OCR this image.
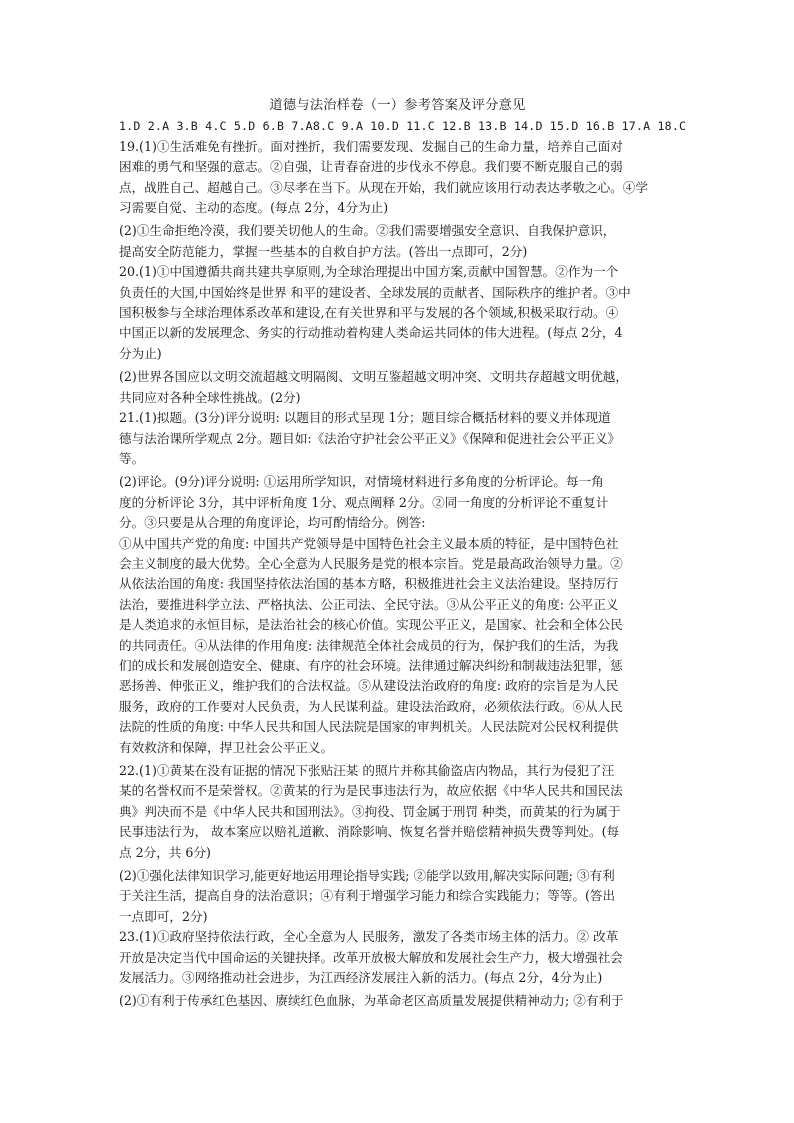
道德与法治样卷（一）参考答案及评分意见
1.D 2.A 3.B 4.C 5.D 6.B 7.A8.C 9.A 10.D 11.C 12.B 13.B 14.D 15.D 16.B 17.A 18.C
19.(1)①生活难免有挫折。面对挫折，我们需要发现、发掘自己的生命力量，培养自己面对
困难的勇气和坚强的意志。②自强，让青春奋进的步伐永不停息。我们要不断克服自己的弱
点，战胜自己、超越自己。③尽孝在当下。从现在开始，我们就应该用行动表达孝敬之心。④学
习需要自觉、主动的态度。(每点 2分，4分为止)
(2)①生命拒绝冷漠，我们要关切他人的生命。②我们需要增强安全意识、自我保护意识，
提高安全防范能力，掌握一些基本的自救自护方法。(答出一点即可，2分)
20.(1)①中国遵循共商共建共享原则,为全球治理提出中国方案,贡献中国智慧。②作为一个
负责任的大国,中国始终是世界 和平的建设者、全球发展的贡献者、国际秩序的维护者。③中
国积极参与全球治理体系改革和建设,在有关世界和平与发展的各个领域,积极采取行动。④
中国正以新的发展理念、务实的行动推动着构建人类命运共同体的伟大进程。(每点 2分，4
分为止)
(2)世界各国应以文明交流超越文明隔阂、文明互鉴超越文明冲突、文明共存超越文明优越，
共同应对各种全球性挑战。(2分)
21.(1)拟题。(3分)评分说明: 以题目的形式呈现 1分；题目综合概括材料的要义并体现道
德与法治课所学观点 2分。题目如:《法治守护社会公平正义》《保障和促进社会公平正义》
等。
(2)评论。(9分)评分说明: ①运用所学知识，对情境材料进行多角度的分析评论。每一角
度的分析评论 3分，其中评析角度 1分、观点阐释 2分。②同一角度的分析评论不重复计
分。③只要是从合理的角度评论，均可酌情给分。例答:
①从中国共产党的角度: 中国共产党领导是中国特色社会主义最本质的特征，是中国特色社
会主义制度的最大优势。全心全意为人民服务是党的根本宗旨。党是最高政治领导力量。②
从依法治国的角度: 我国坚持依法治国的基本方略，积极推进社会主义法治建设。坚持厉行
法治，要推进科学立法、严格执法、公正司法、全民守法。③从公平正义的角度: 公平正义
是人类追求的永恒目标，是法治社会的核心价值。实现公平正义，是国家、社会和全体公民
的共同责任。④从法律的作用角度: 法律规范全体社会成员的行为，保护我们的生活，为我
们的成长和发展创造安全、健康、有序的社会环境。法律通过解决纠纷和制裁违法犯罪，惩
恶扬善、伸张正义，维护我们的合法权益。⑤从建设法治政府的角度: 政府的宗旨是为人民
服务，政府的工作要对人民负责，为人民谋利益。建设法治政府，必须依法行政。⑥从人民
法院的性质的角度: 中华人民共和国人民法院是国家的审判机关。人民法院对公民权利提供
有效救济和保障，捍卫社会公平正义。
22.(1)①黄某在没有证据的情况下张贴汪某 的照片并称其偷盗店内物品，其行为侵犯了汪
某的名誉权而不是荣誉权。②黄某的行为是民事违法行为，故应依据《中华人民共和国民法
典》判决而不是《中华人民共和国刑法》。③拘役、罚金属于刑罚 种类，而黄某的行为属于
民事违法行为， 故本案应以赔礼道歉、消除影响、恢复名誉并赔偿精神损失费等判处。(每
点 2分，共 6分)
(2)①强化法律知识学习,能更好地运用理论指导实践; ②能学以致用,解决实际问题; ③有利
于关注生活，提高自身的法治意识；④有利于增强学习能力和综合实践能力；等等。(答出
一点即可，2分)
23.(1)①政府坚持依法行政，全心全意为人 民服务，激发了各类市场主体的活力。② 改革
开放是决定当代中国命运的关键抉择。改革开放极大解放和发展社会生产力，极大增强社会
发展活力。③网络推动社会进步，为江西经济发展注入新的活力。(每点 2分，4分为止)
(2)①有利于传承红色基因、赓续红色血脉，为革命老区高质量发展提供精神动力; ②有利于
